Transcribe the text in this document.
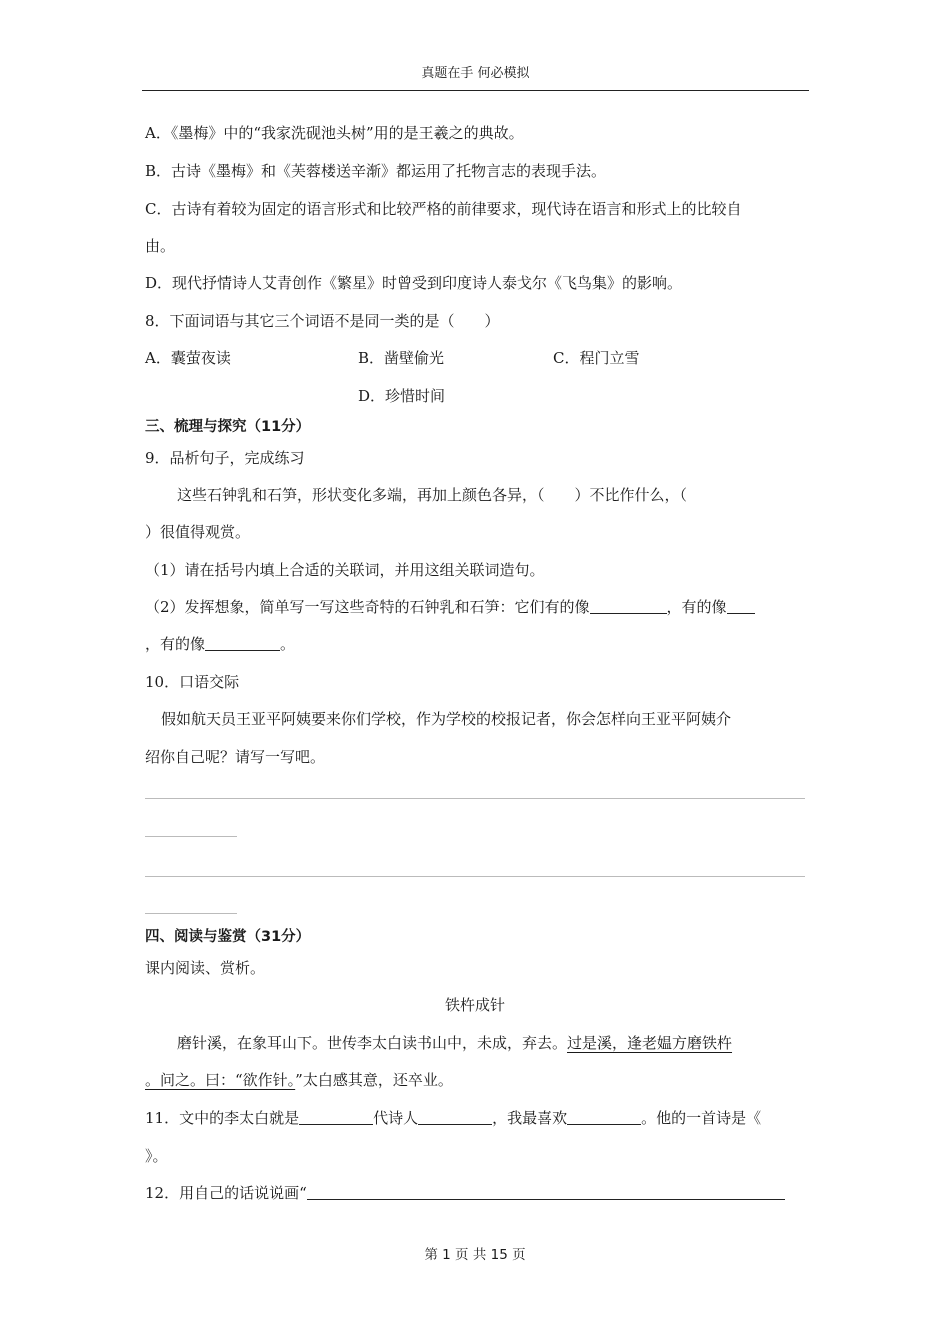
真题在手 何必模拟
A．《墨梅》中的“我家洗砚池头树”用的是王羲之的典故。
B．古诗《墨梅》和《芙蓉楼送辛渐》都运用了托物言志的表现手法。
C．古诗有着较为固定的语言形式和比较严格的前律要求，现代诗在语言和形式上的比较自
由。
D．现代抒情诗人艾青创作《繁星》时曾受到印度诗人泰戈尔《飞鸟集》的影响。
8．下面词语与其它三个词语不是同一类的是（　　）
A．囊萤夜读	B．凿壁偷光	C．程门立雪
D．珍惜时间
三、梳理与探究（11分）
9．品析句子，完成练习
这些石钟乳和石笋，形状变化多端，再加上颜色各异，（　　）不比作什么，（
）很值得观赏。
（1）请在括号内填上合适的关联词，并用这组关联词造句。
（2）发挥想象，简单写一写这些奇特的石钟乳和石笋：它们有的像	，有的像
，有的像	。
10．口语交际
假如航天员王亚平阿姨要来你们学校，作为学校的校报记者，你会怎样向王亚平阿姨介
绍你自己呢？请写一写吧。
四、阅读与鉴赏（31分）
课内阅读、赏析。
铁杵成针
磨针溪，在象耳山下。世传李太白读书山中，未成，弃去。过是溪，逢老媪方磨铁杵
。问之。曰：“欲作针。”太白感其意，还卒业。
11．文中的李太白就是	代诗人	，我最喜欢	。他的一首诗是《
》。
12．用自己的话说说画“
第 1 页 共 15 页
